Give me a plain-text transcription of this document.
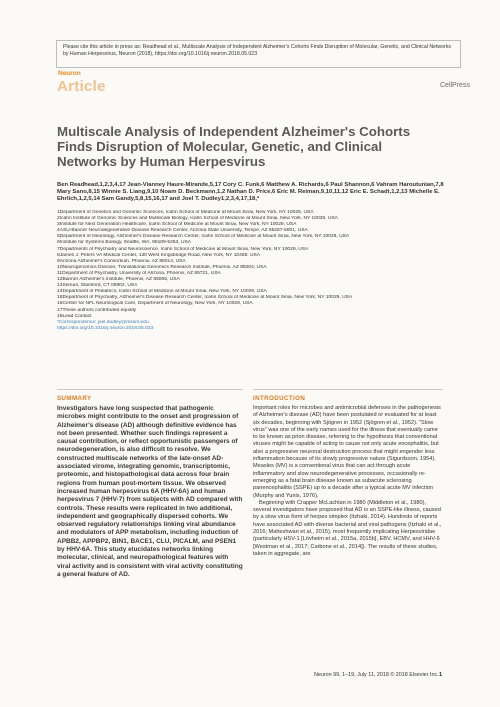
Please cite this article in press as: Readhead et al., Multiscale Analysis of Independent Alzheimer's Cohorts Finds Disruption of Molecular, Genetic, and Clinical Networks by Human Herpesvirus, Neuron (2018), https://doi.org/10.1016/j.neuron.2018.05.023
Neuron
Article	CellPress
Multiscale Analysis of Independent Alzheimer's Cohorts Finds Disruption of Molecular, Genetic, and Clinical Networks by Human Herpesvirus
Ben Readhead,1,2,3,4,17 Jean-Vianney Haure-Mirande,5,17 Cory C. Funk,6 Matthew A. Richards,6 Paul Shannon,6 Vahram Haroutunian,7,8 Mary Sano,8,15 Winnie S. Liang,9,10 Noam D. Beckmann,1,2 Nathan D. Price,6 Eric M. Reiman,9,10,11,12 Eric E. Schadt,1,2,13 Michelle E. Ehrlich,1,2,5,14 Sam Gandy,5,8,15,16,17 and Joel T. Dudley1,2,3,4,17,18,*
1Department of Genetics and Genomic Sciences, Icahn School of Medicine at Mount Sinai, New York, NY 10029, USA
2Icahn Institute of Genomic Sciences and Multiscale Biology, Icahn School of Medicine at Mount Sinai, New York, NY 10029, USA
3Institute for Next Generation Healthcare, Icahn School of Medicine at Mount Sinai, New York, NY 10029, USA
4ASU-Banner Neurodegenerative Disease Research Center, Arizona State University, Tempe, AZ 85287-5001, USA
5Department of Neurology, Alzheimer's Disease Research Center, Icahn School of Medicine at Mount Sinai, New York, NY 10029, USA
6Institute for Systems Biology, Seattle, WA, 98109-5263, USA
7Departments of Psychiatry and Neuroscience, Icahn School of Medicine at Mount Sinai, New York, NY 10029, USA
8James J. Peters VA Medical Center, 130 West Kingsbridge Road, New York, NY 10468, USA
9Arizona Alzheimer's Consortium, Phoenix, AZ 85014, USA
10Neurogenomics Division, Translational Genomics Research Institute, Phoenix, AZ 85004, USA
11Department of Psychiatry, University of Arizona, Phoenix, AZ 85721, USA
12Banner Alzheimer's Institute, Phoenix, AZ 85006, USA
13Sema4, Stamford, CT 06902, USA
14Department of Pediatrics, Icahn School of Medicine at Mount Sinai, New York, NY 10029, USA
15Department of Psychiatry, Alzheimer's Disease Research Center, Icahn School of Medicine at Mount Sinai, New York, NY 10029, USA
16Center for NFL Neurological Care, Department of Neurology, New York, NY 10029, USA
17These authors contributed equally
18Lead Contact
*Correspondence: joel.dudley@mssm.edu
https://doi.org/10.1016/j.neuron.2018.05.023
SUMMARY	INTRODUCTION
Investigators have long suspected that pathogenic microbes might contribute to the onset and progression of Alzheimer's disease (AD) although definitive evidence has not been presented. Whether such findings represent a causal contribution, or reflect opportunistic passengers of neurodegeneration, is also difficult to resolve. We constructed multiscale networks of the late-onset AD-associated virome, integrating genomic, transcriptomic, proteomic, and histopathological data across four brain regions from human post-mortem tissue. We observed increased human herpesvirus 6A (HHV-6A) and human herpesvirus 7 (HHV-7) from subjects with AD compared with controls. These results were replicated in two additional, independent and geographically dispersed cohorts. We observed regulatory relationships linking viral abundance and modulators of APP metabolism, including induction of APBB2, APPBP2, BIN1, BACE1, CLU, PICALM, and PSEN1 by HHV-6A. This study elucidates networks linking molecular, clinical, and neuropathological features with viral activity and is consistent with viral activity constituting a general feature of AD.

Important roles for microbes and antimicrobial defenses in the pathogenesis of Alzheimer's disease (AD) have been postulated or evaluated for at least six decades, beginning with Sjögren in 1952 (Sjögren et al., 1952). "Slow virus" was one of the early names used for the illness that eventually came to be known as prion disease, referring to the hypothesis that conventional viruses might be capable of acting to cause not only acute encephalitis, but also a progressive neuronal destruction process that might engender less inflammation because of its slowly progressive nature (Sigurdsson, 1954). Measles (MV) is a conventional virus that can act through acute inflammatory and slow neurodegenerative processes, occasionally re-emerging as a fatal brain disease known as subacute sclerosing panencephalitis (SSPE) up to a decade after a typical acute MV infection (Murphy and Yunis, 1976).

Beginning with Crapper McLachlan in 1980 (Middleton et al., 1980), several investigators have proposed that AD is an SSPE-like illness, caused by a slow virus form of herpes simplex (Itzhaki, 2014). Hundreds of reports have associated AD with diverse bacterial and viral pathogens (Itzhaki et al., 2016; Maheshwari et al., 2015), most frequently implicating Herpesviridae (particularly HSV-1 [Lövheim et al., 2015a, 2015b], EBV, HCMV, and HHV-6 [Westman et al., 2017; Carbone et al., 2014]). The results of these studies, taken in aggregate, are

Neuron 99, 1–19, July 11, 2018 © 2018 Elsevier Inc. 1
